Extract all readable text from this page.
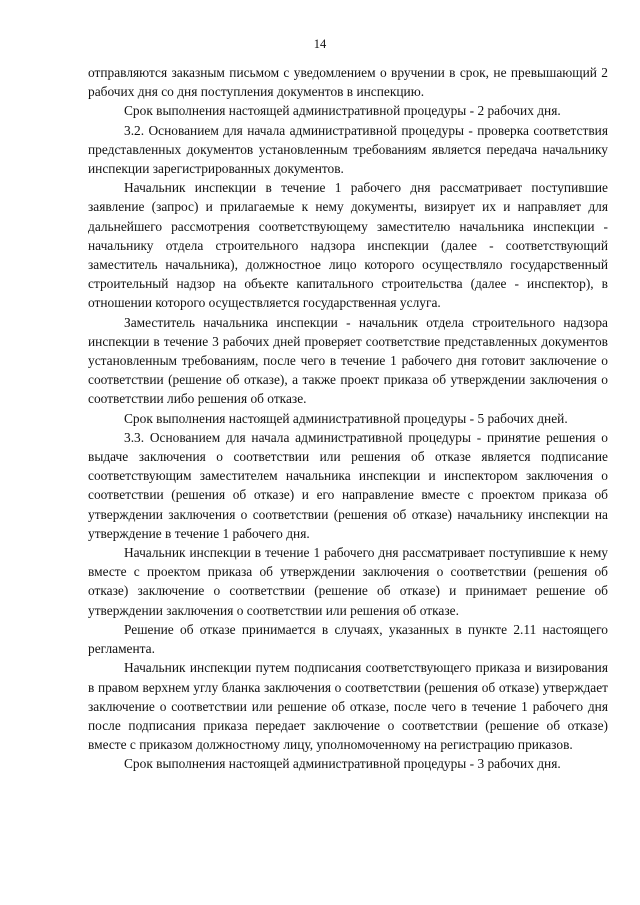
14

отправляются заказным письмом с уведомлением о вручении в срок, не превышающий 2 рабочих дня со дня поступления документов в инспекцию.

Срок выполнения настоящей административной процедуры - 2 рабочих дня.

3.2. Основанием для начала административной процедуры - проверка соответствия представленных документов установленным требованиям является передача начальнику инспекции зарегистрированных документов.

Начальник инспекции в течение 1 рабочего дня рассматривает поступившие заявление (запрос) и прилагаемые к нему документы, визирует их и направляет для дальнейшего рассмотрения соответствующему заместителю начальника инспекции - начальнику отдела строительного надзора инспекции (далее - соответствующий заместитель начальника), должностное лицо которого осуществляло государственный строительный надзор на объекте капитального строительства (далее - инспектор), в отношении которого осуществляется государственная услуга.

Заместитель начальника инспекции - начальник отдела строительного надзора инспекции в течение 3 рабочих дней проверяет соответствие представленных документов установленным требованиям, после чего в течение 1 рабочего дня готовит заключение о соответствии (решение об отказе), а также проект приказа об утверждении заключения о соответствии либо решения об отказе.

Срок выполнения настоящей административной процедуры - 5 рабочих дней.

3.3. Основанием для начала административной процедуры - принятие решения о выдаче заключения о соответствии или решения об отказе является подписание соответствующим заместителем начальника инспекции и инспектором заключения о соответствии (решения об отказе) и его направление вместе с проектом приказа об утверждении заключения о соответствии (решения об отказе) начальнику инспекции на утверждение в течение 1 рабочего дня.

Начальник инспекции в течение 1 рабочего дня рассматривает поступившие к нему вместе с проектом приказа об утверждении заключения о соответствии (решения об отказе) заключение о соответствии (решение об отказе) и принимает решение об утверждении заключения о соответствии или решения об отказе.

Решение об отказе принимается в случаях, указанных в пункте 2.11 настоящего регламента.

Начальник инспекции путем подписания соответствующего приказа и визирования в правом верхнем углу бланка заключения о соответствии (решения об отказе) утверждает заключение о соответствии или решение об отказе, после чего в течение 1 рабочего дня после подписания приказа передает заключение о соответствии (решение об отказе) вместе с приказом должностному лицу, уполномоченному на регистрацию приказов.

Срок выполнения настоящей административной процедуры - 3 рабочих дня.
